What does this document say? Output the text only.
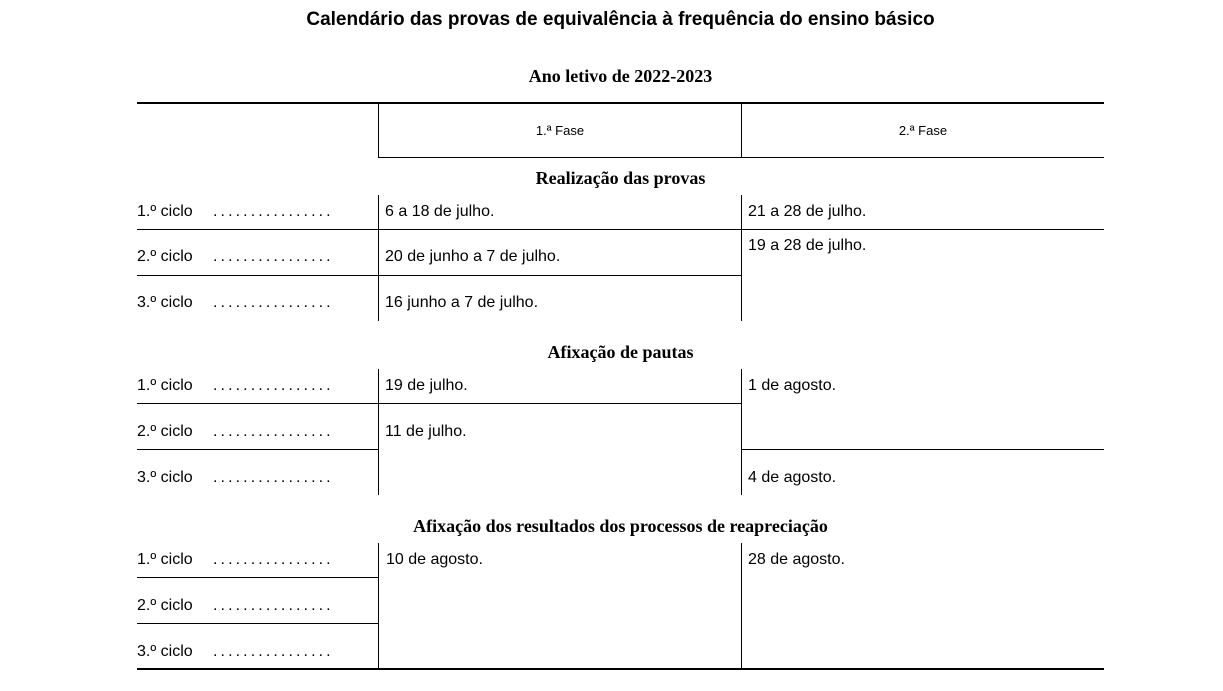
Calendário das provas de equivalência à frequência do ensino básico
Ano letivo de 2022-2023
1.ª Fase	2.ª Fase
Realização das provas
1.º ciclo ................
2.º ciclo ................
3.º ciclo ................
6 a 18 de julho.
20 de junho a 7 de julho.
16 junho a 7 de julho.
21 a 28 de julho.
19 a 28 de julho.
Afixação de pautas
1.º ciclo ................
2.º ciclo ................
3.º ciclo ................
19 de julho.
11 de julho.
1 de agosto.
4 de agosto.
Afixação dos resultados dos processos de reapreciação
1.º ciclo ................
2.º ciclo ................
3.º ciclo ................
10 de agosto.	28 de agosto.
